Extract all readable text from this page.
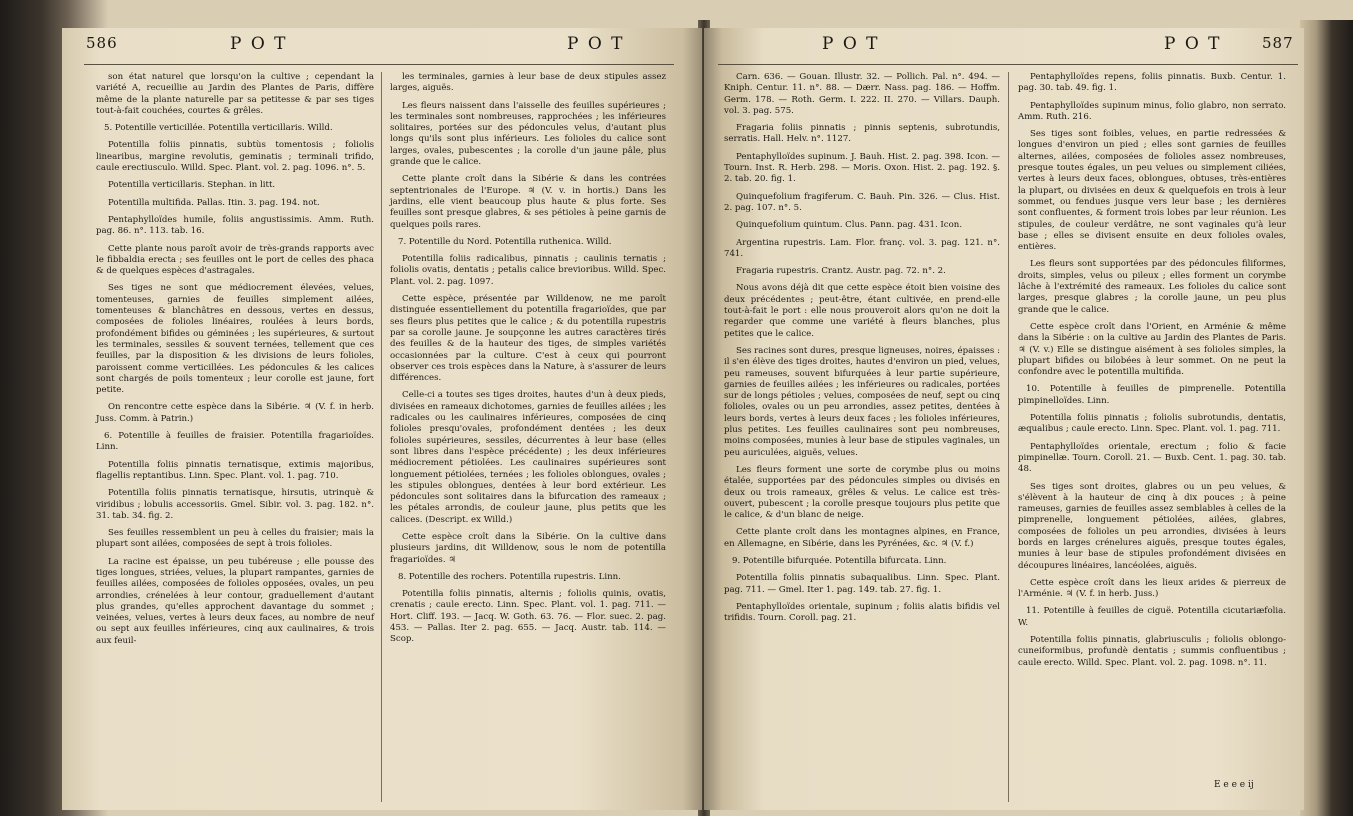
586	P O T	P O T

son état naturel que lorsqu'on la cultive ; cependant la variété A, recueillie au Jardin des Plantes de Paris, diffère même de la plante naturelle par sa petitesse & par ses tiges tout-à-fait couchées, courtes & grêles.

5. Potentille verticillée. Potentilla verticillaris. Willd.

Potentilla foliis pinnatis, subtùs tomentosis ; foliolis linearibus, margine revolutis, geminatis ; terminali trifido, caule erectiusculo. Willd. Spec. Plant. vol. 2. pag. 1096. n°. 5.

Potentilla verticillaris. Stephan. in litt.

Potentilla multifida. Pallas. Itin. 3. pag. 194. not.

Pentaphylloïdes humile, foliis angustissimis. Amm. Ruth. pag. 86. n°. 113. tab. 16.

Cette plante nous paroît avoir de très-grands rapports avec le fibbaldia erecta ; ses feuilles ont le port de celles des phaca & de quelques espèces d'astragales.

Ses tiges ne sont que médiocrement élevées, velues, tomenteuses, garnies de feuilles simplement ailées, tomenteuses & blanchâtres en dessous, vertes en dessus, composées de folioles linéaires, roulées à leurs bords, profondément bifides ou géminées ; les supérieures, & surtout les terminales, sessiles & souvent ternées, tellement que ces feuilles, par la disposition & les divisions de leurs folioles, paroissent comme verticillées. Les pédoncules & les calices sont chargés de poils tomenteux ; leur corolle est jaune, fort petite.

On rencontre cette espèce dans la Sibérie. ♃ (V. f. in herb. Juss. Comm. à Patrin.)

6. Potentille à feuilles de fraisier. Potentilla fragarioïdes. Linn.

Potentilla foliis pinnatis ternatisque, extimis majoribus, flagellis reptantibus. Linn. Spec. Plant. vol. 1. pag. 710.

Potentilla foliis pinnatis ternatisque, hirsutis, utrinquè & viridibus ; lobulis accessoriis. Gmel. Sibir. vol. 3. pag. 182. n°. 31. tab. 34. fig. 2.

Ses feuilles ressemblent un peu à celles du fraisier; mais la plupart sont ailées, composées de sept à trois folioles.

La racine est épaisse, un peu tubéreuse ; elle pousse des tiges longues, striées, velues, la plupart rampantes, garnies de feuilles ailées, composées de folioles opposées, ovales, un peu arrondies, crénelées à leur contour, graduellement d'autant plus grandes, qu'elles approchent davantage du sommet ; veinées, velues, vertes à leurs deux faces, au nombre de neuf ou sept aux feuilles inférieures, cinq aux caulinaires, & trois aux feuil-

les terminales, garnies à leur base de deux stipules assez larges, aiguës.

Les fleurs naissent dans l'aisselle des feuilles supérieures ; les terminales sont nombreuses, rapprochées ; les inférieures solitaires, portées sur des pédoncules velus, d'autant plus longs qu'ils sont plus inférieurs. Les folioles du calice sont larges, ovales, pubescentes ; la corolle d'un jaune pâle, plus grande que le calice.

Cette plante croît dans la Sibérie & dans les contrées septentrionales de l'Europe. ♃ (V. v. in hortis.) Dans les jardins, elle vient beaucoup plus haute & plus forte. Ses feuilles sont presque glabres, & ses pétioles à peine garnis de quelques poils rares.

7. Potentille du Nord. Potentilla ruthenica. Willd.

Potentilla foliis radicalibus, pinnatis ; caulinis ternatis ; foliolis ovatis, dentatis ; petalis calice brevioribus. Willd. Spec. Plant. vol. 2. pag. 1097.

Cette espèce, présentée par Willdenow, ne me paroît distinguée essentiellement du potentilla fragarioïdes, que par ses fleurs plus petites que le calice ; & du potentilla rupestris par sa corolle jaune. Je soupçonne les autres caractères tirés des feuilles & de la hauteur des tiges, de simples variétés occasionnées par la culture. C'est à ceux qui pourront observer ces trois espèces dans la Nature, à s'assurer de leurs différences.

Celle-ci a toutes ses tiges droites, hautes d'un à deux pieds, divisées en rameaux dichotomes, garnies de feuilles ailées ; les radicales ou les caulinaires inférieures, composées de cinq folioles presqu'ovales, profondément dentées ; les deux folioles supérieures, sessiles, décurrentes à leur base (elles sont libres dans l'espèce précédente) ; les deux inférieures médiocrement pétiolées. Les caulinaires supérieures sont longuement pétiolées, ternées ; les folioles oblongues, ovales ; les stipules oblongues, dentées à leur bord extérieur. Les pédoncules sont solitaires dans la bifurcation des rameaux ; les pétales arrondis, de couleur jaune, plus petits que les calices. (Descript. ex Willd.)

Cette espèce croît dans la Sibérie. On la cultive dans plusieurs jardins, dit Willdenow, sous le nom de potentilla fragarioïdes. ♃

8. Potentille des rochers. Potentilla rupestris. Linn.

Potentilla foliis pinnatis, alternis ; foliolis quinis, ovatis, crenatis ; caule erecto. Linn. Spec. Plant. vol. 1. pag. 711. — Hort. Cliff. 193. — Jacq. W. Goth. 63. 76. — Flor. suec. 2. pag. 453. — Pallas. Iter 2. pag. 655. — Jacq. Austr. tab. 114. — Scop.

P O T	P O T	587

Carn. 636. — Gouan. Illustr. 32. — Pollich. Pal. n°. 494. — Kniph. Centur. 11. n°. 88. — Dærr. Nass. pag. 186. — Hoffm. Germ. 178. — Roth. Germ. I. 222. II. 270. — Villars. Dauph. vol. 3. pag. 575.

Fragaria foliis pinnatis ; pinnis septenis, subrotundis, serratis. Hall. Helv. n°. 1127.

Pentaphylloïdes supinum. J. Bauh. Hist. 2. pag. 398. Icon. — Tourn. Inst. R. Herb. 298. — Moris. Oxon. Hist. 2. pag. 192. §. 2. tab. 20. fig. 1.

Quinquefolium fragiferum. C. Bauh. Pin. 326. — Clus. Hist. 2. pag. 107. n°. 5.

Quinquefolium quintum. Clus. Pann. pag. 431. Icon.

Argentina rupestris. Lam. Flor. franç. vol. 3. pag. 121. n°. 741.

Fragaria rupestris. Crantz. Austr. pag. 72. n°. 2.

Nous avons déjà dit que cette espèce étoit bien voisine des deux précédentes ; peut-être, étant cultivée, en prend-elle tout-à-fait le port : elle nous prouveroit alors qu'on ne doit la regarder que comme une variété à fleurs blanches, plus petites que le calice.

Ses racines sont dures, presque ligneuses, noires, épaisses : il s'en élève des tiges droites, hautes d'environ un pied, velues, peu rameuses, souvent bifurquées à leur partie supérieure, garnies de feuilles ailées ; les inférieures ou radicales, portées sur de longs pétioles ; velues, composées de neuf, sept ou cinq folioles, ovales ou un peu arrondies, assez petites, dentées à leurs bords, vertes à leurs deux faces ; les folioles inférieures, plus petites. Les feuilles caulinaires sont peu nombreuses, moins composées, munies à leur base de stipules vaginales, un peu auriculées, aiguës, velues.

Les fleurs forment une sorte de corymbe plus ou moins étalée, supportées par des pédoncules simples ou divisés en deux ou trois rameaux, grêles & velus. Le calice est très-ouvert, pubescent ; la corolle presque toujours plus petite que le calice, & d'un blanc de neige.

Cette plante croît dans les montagnes alpines, en France, en Allemagne, en Sibérie, dans les Pyrénées, &c. ♃ (V. f.)

9. Potentille bifurquée. Potentilla bifurcata. Linn.

Potentilla foliis pinnatis subaqualibus. Linn. Spec. Plant. pag. 711. — Gmel. Iter 1. pag. 149. tab. 27. fig. 1.

Pentaphylloïdes orientale, supinum ; foliis alatis bifidis vel trifidis. Tourn. Coroll. pag. 21.

Pentaphylloïdes repens, foliis pinnatis. Buxb. Centur. 1. pag. 30. tab. 49. fig. 1.

Pentaphylloïdes supinum minus, folio glabro, non serrato. Amm. Ruth. 216.

Ses tiges sont foibles, velues, en partie redressées & longues d'environ un pied ; elles sont garnies de feuilles alternes, ailées, composées de folioles assez nombreuses, presque toutes égales, un peu velues ou simplement ciliées, vertes à leurs deux faces, oblongues, obtuses, très-entières la plupart, ou divisées en deux & quelquefois en trois à leur sommet, ou fendues jusque vers leur base ; les dernières sont confluentes, & forment trois lobes par leur réunion. Les stipules, de couleur verdâtre, ne sont vaginales qu'à leur base ; elles se divisent ensuite en deux folioles ovales, entières.

Les fleurs sont supportées par des pédoncules filiformes, droits, simples, velus ou pileux ; elles forment un corymbe lâche à l'extrémité des rameaux. Les folioles du calice sont larges, presque glabres ; la corolle jaune, un peu plus grande que le calice.

Cette espèce croît dans l'Orient, en Arménie & même dans la Sibérie : on la cultive au Jardin des Plantes de Paris. ♃ (V. v.) Elle se distingue aisément à ses folioles simples, la plupart bifides ou bilobées à leur sommet. On ne peut la confondre avec le potentilla multifida.

10. Potentille à feuilles de pimprenelle. Potentilla pimpinelloïdes. Linn.

Potentilla foliis pinnatis ; foliolis subrotundis, dentatis, æqualibus ; caule erecto. Linn. Spec. Plant. vol. 1. pag. 711.

Pentaphylloïdes orientale, erectum ; folio & facie pimpinellæ. Tourn. Coroll. 21. — Buxb. Cent. 1. pag. 30. tab. 48.

Ses tiges sont droites, glabres ou un peu velues, & s'élèvent à la hauteur de cinq à dix pouces ; à peine rameuses, garnies de feuilles assez semblables à celles de la pimprenelle, longuement pétiolées, ailées, glabres, composées de folioles un peu arrondies, divisées à leurs bords en larges crénelures aiguës, presque toutes égales, munies à leur base de stipules profondément divisées en découpures linéaires, lancéolées, aiguës.

Cette espèce croît dans les lieux arides & pierreux de l'Arménie. ♃ (V. f. in herb. Juss.)

11. Potentille à feuilles de ciguë. Potentilla cicutariæfolia. W.

Potentilla foliis pinnatis, glabriusculis ; foliolis oblongo-cuneiformibus, profundè dentatis ; summis confluentibus ; caule erecto. Willd. Spec. Plant. vol. 2. pag. 1098. n°. 11.

E e e e ij
